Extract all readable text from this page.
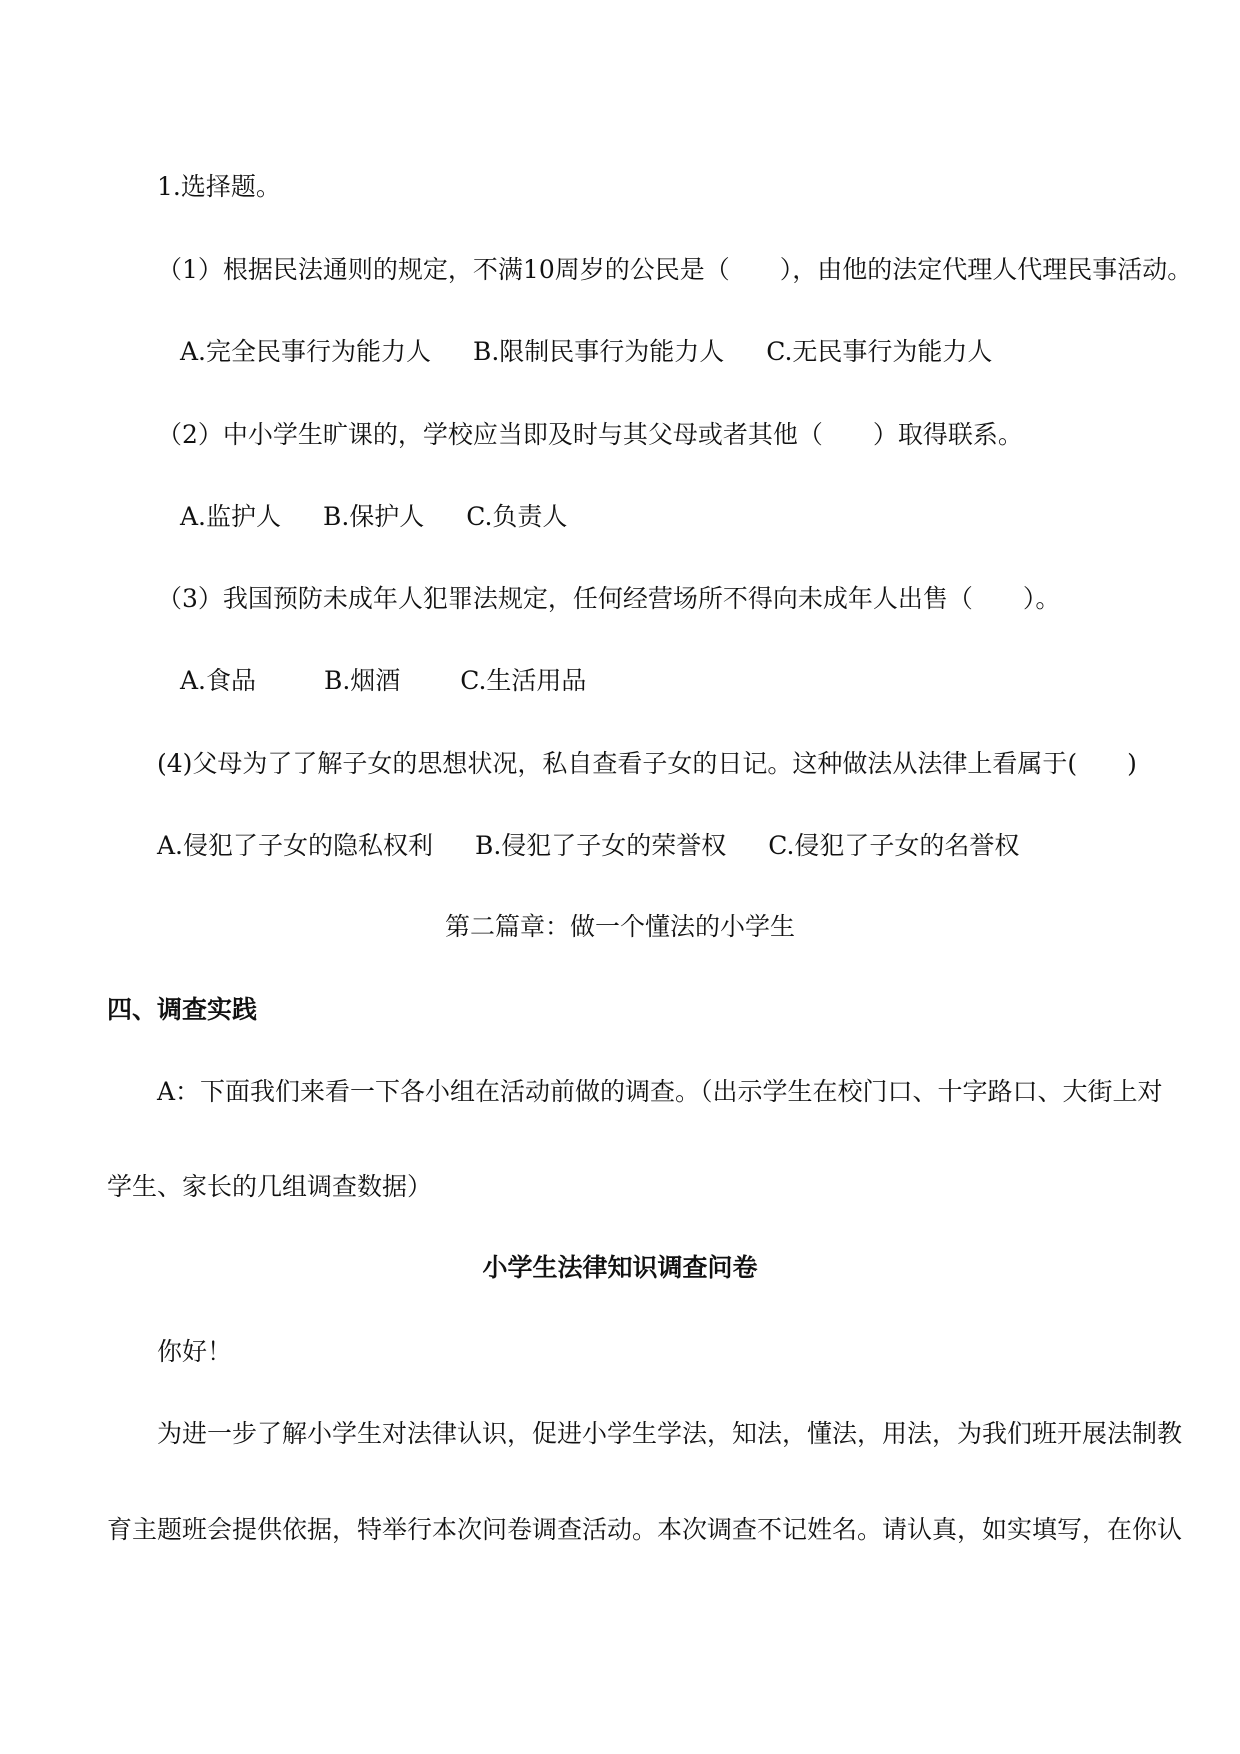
1.选择题。
（1）根据民法通则的规定，不满10周岁的公民是（　　），由他的法定代理人代理民事活动。
A.完全民事行为能力人 B.限制民事行为能力人 C.无民事行为能力人
（2）中小学生旷课的，学校应当即及时与其父母或者其他（　　）取得联系。
A.监护人 B.保护人 C.负责人
（3）我国预防未成年人犯罪法规定，任何经营场所不得向未成年人出售（　　）。
A.食品	B.烟酒 C.生活用品
(4)父母为了了解子女的思想状况，私自查看子女的日记。这种做法从法律上看属于(　　)
A.侵犯了子女的隐私权利 B.侵犯了子女的荣誉权 C.侵犯了子女的名誉权
第二篇章：做一个懂法的小学生
四、调查实践
A：下面我们来看一下各小组在活动前做的调查。（出示学生在校门口、十字路口、大街上对
学生、家长的几组调查数据）
小学生法律知识调查问卷
你好！
为进一步了解小学生对法律认识，促进小学生学法，知法，懂法，用法，为我们班开展法制教
育主题班会提供依据，特举行本次问卷调查活动。本次调查不记姓名。请认真，如实填写，在你认
